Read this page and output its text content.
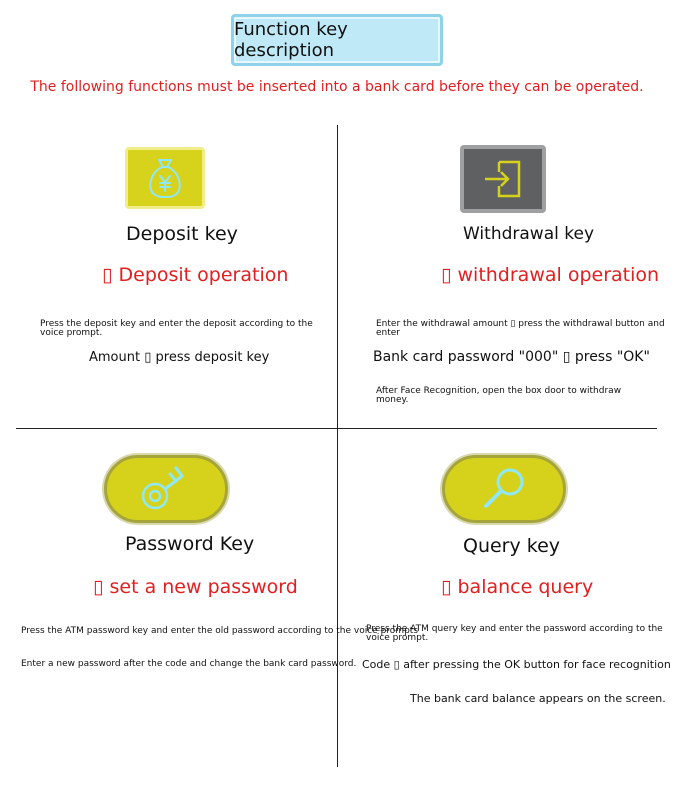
Function key description
The following functions must be inserted into a bank card before they can be operated.
Deposit key
▯ Deposit operation
Press the deposit key and enter the deposit according to the voice prompt.
Amount ▯ press deposit key
Withdrawal key
▯ withdrawal operation
Enter the withdrawal amount ▯ press the withdrawal button and enter
Bank card password "000" ▯ press "OK"
After Face Recognition, open the box door to withdraw money.
Password Key
▯ set a new password
Press the ATM password key and enter the old password according to the voice prompts
Enter a new password after the code and change the bank card password.
Query key
▯ balance query
Press the ATM query key and enter the password according to the voice prompt.
Code ▯ after pressing the OK button for face recognition
The bank card balance appears on the screen.
